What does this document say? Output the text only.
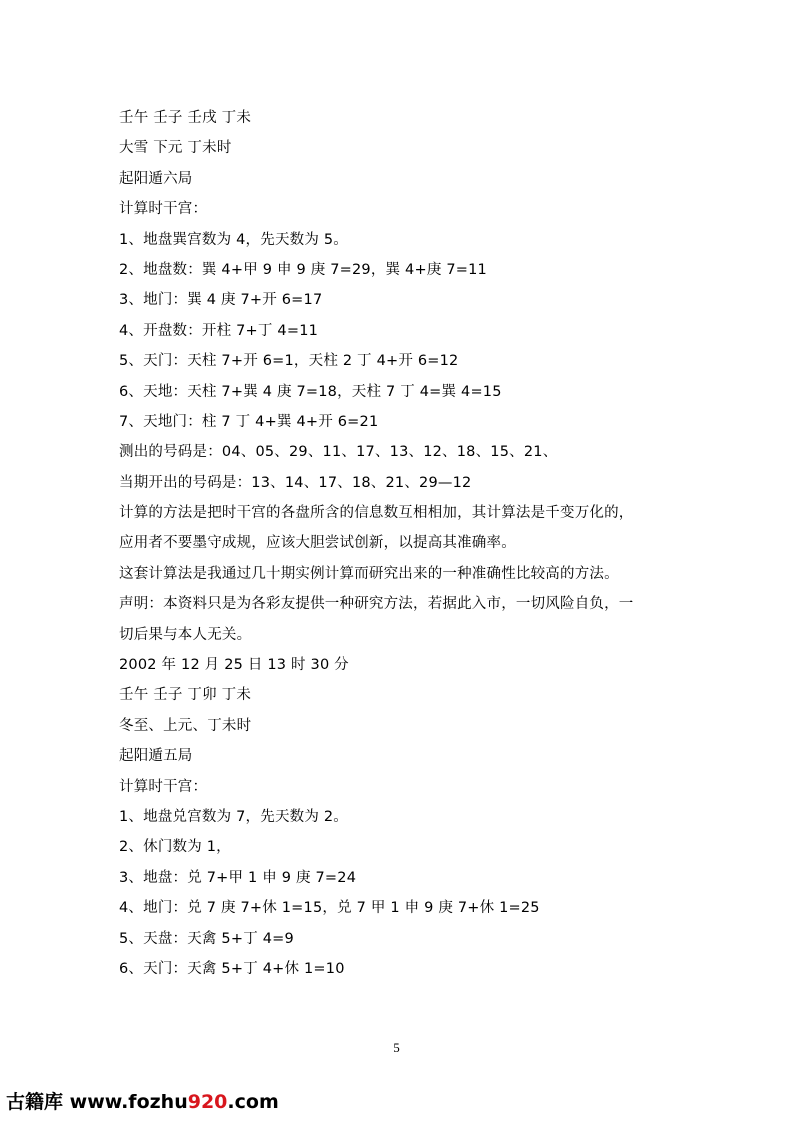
壬午 壬子 壬戌 丁未
大雪 下元 丁未时
起阳遁六局
计算时干宫：
1、地盘巽宫数为 4，先天数为 5。
2、地盘数：巽 4+甲 9 申 9 庚 7=29，巽 4+庚 7=11
3、地门：巽 4 庚 7+开 6=17
4、开盘数：开柱 7+丁 4=11
5、天门：天柱 7+开 6=1，天柱 2 丁 4+开 6=12
6、天地：天柱 7+巽 4 庚 7=18，天柱 7 丁 4=巽 4=15
7、天地门：柱 7 丁 4+巽 4+开 6=21
测出的号码是：04、05、29、11、17、13、12、18、15、21、
当期开出的号码是：13、14、17、18、21、29—12
计算的方法是把时干宫的各盘所含的信息数互相相加，其计算法是千变万化的，
应用者不要墨守成规，应该大胆尝试创新，以提高其准确率。
这套计算法是我通过几十期实例计算而研究出来的一种准确性比较高的方法。
声明：本资料只是为各彩友提供一种研究方法，若据此入市，一切风险自负，一
切后果与本人无关。
2002 年 12 月 25 日 13 时 30 分
壬午 壬子 丁卯 丁未
冬至、上元、丁未时
起阳遁五局
计算时干宫：
1、地盘兑宫数为 7，先天数为 2。
2、休门数为 1，
3、地盘：兑 7+甲 1 申 9 庚 7=24
4、地门：兑 7 庚 7+休 1=15，兑 7 甲 1 申 9 庚 7+休 1=25
5、天盘：天禽 5+丁 4=9
6、天门：天禽 5+丁 4+休 1=10
5
古籍库 www.fozhu920.com
